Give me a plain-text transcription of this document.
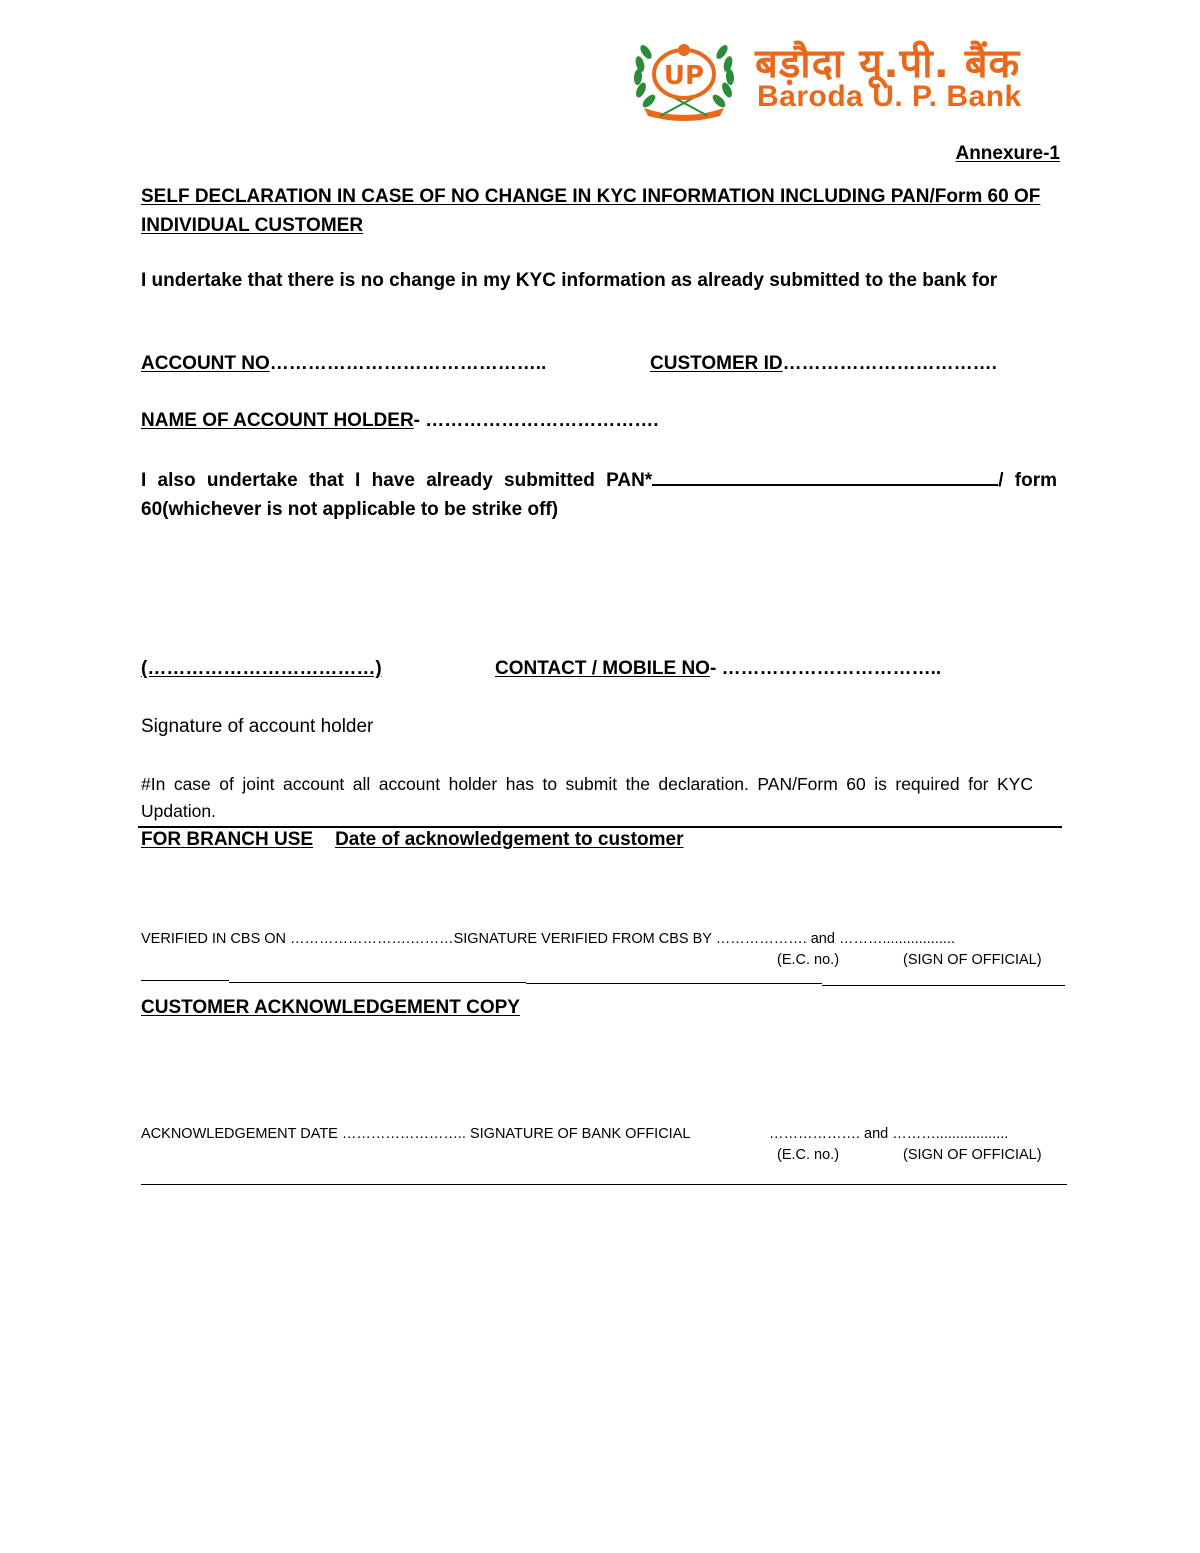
UP बड़ौदा यू.पी. बैंक
Baroda U. P. Bank
Annexure-1
SELF DECLARATION IN CASE OF NO CHANGE IN KYC INFORMATION INCLUDING PAN/Form 60 OF INDIVIDUAL CUSTOMER
I undertake that there is no change in my KYC information as already submitted to the bank for
ACCOUNT NO……………………………………..	CUSTOMER ID…………………………….
NAME OF ACCOUNT HOLDER- ……………………………….
I also undertake that I have already submitted PAN*	/ form 60(whichever is not applicable to be strike off)
(………………………………)	CONTACT / MOBILE NO- ……………………………..
Signature of account holder
#In case of joint account all account holder has to submit the declaration. PAN/Form 60 is required for KYC Updation.
FOR BRANCH USE Date of acknowledgement to customer
VERIFIED IN CBS ON …………………….………SIGNATURE VERIFIED FROM CBS BY ………………. and ………..................
(E.C. no.)	(SIGN OF OFFICIAL)
CUSTOMER ACKNOWLEDGEMENT COPY
ACKNOWLEDGEMENT DATE …………………….. SIGNATURE OF BANK OFFICIAL	………………. and ………..................
(E.C. no.)	(SIGN OF OFFICIAL)
